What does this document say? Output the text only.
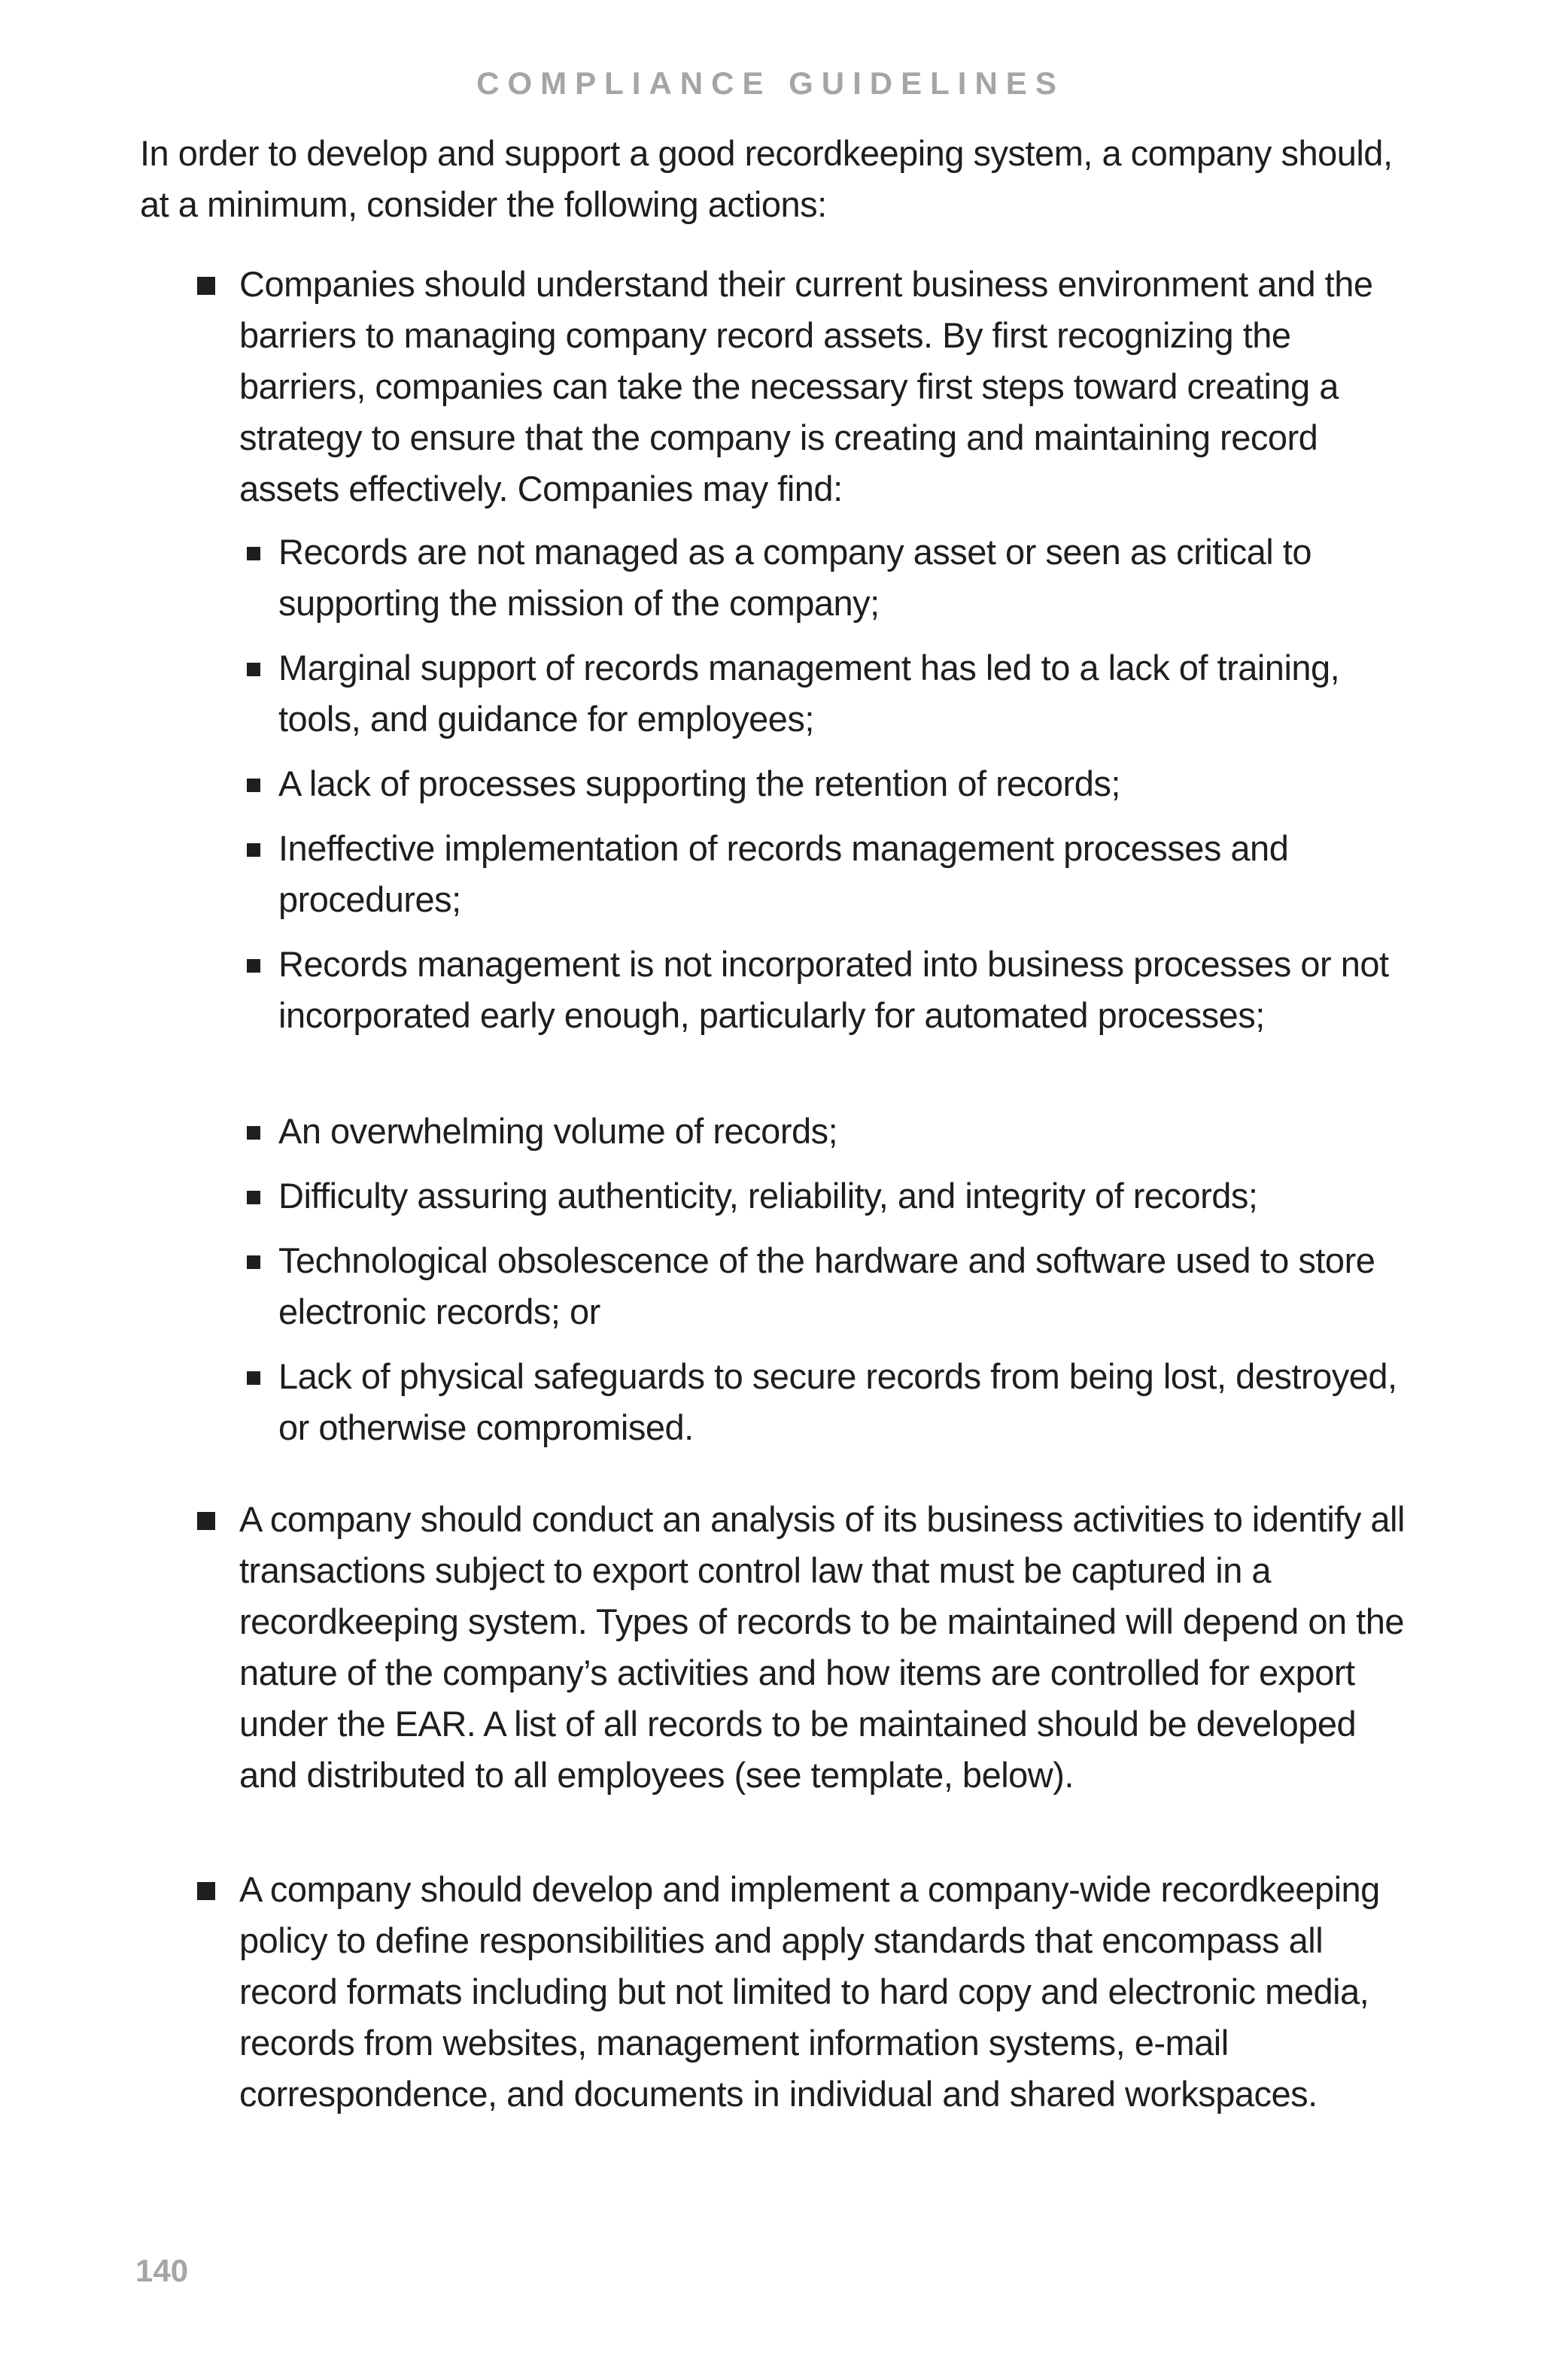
COMPLIANCE GUIDELINES

In order to develop and support a good recordkeeping system, a company should, at a minimum, consider the following actions:

Companies should understand their current business environment and the barriers to managing company record assets. By first recognizing the barriers, companies can take the necessary first steps toward creating a strategy to ensure that the company is creating and maintaining record assets effectively. Companies may find:
Records are not managed as a company asset or seen as critical to supporting the mission of the company;
Marginal support of records management has led to a lack of training, tools, and guidance for employees;
A lack of processes supporting the retention of records;
Ineffective implementation of records management processes and procedures;
Records management is not incorporated into business processes or not incorporated early enough, particularly for automated processes;
An overwhelming volume of records;
Difficulty assuring authenticity, reliability, and integrity of records;
Technological obsolescence of the hardware and software used to store electronic records; or
Lack of physical safeguards to secure records from being lost, destroyed, or otherwise compromised.
A company should conduct an analysis of its business activities to identify all transactions subject to export control law that must be captured in a recordkeeping system. Types of records to be maintained will depend on the nature of the company’s activities and how items are controlled for export under the EAR. A list of all records to be maintained should be developed and distributed to all employees (see template, below).
A company should develop and implement a company-wide recordkeeping policy to define responsibilities and apply standards that encompass all record formats including but not limited to hard copy and electronic media, records from websites, management information systems, e-mail correspondence, and documents in individual and shared workspaces.
140
